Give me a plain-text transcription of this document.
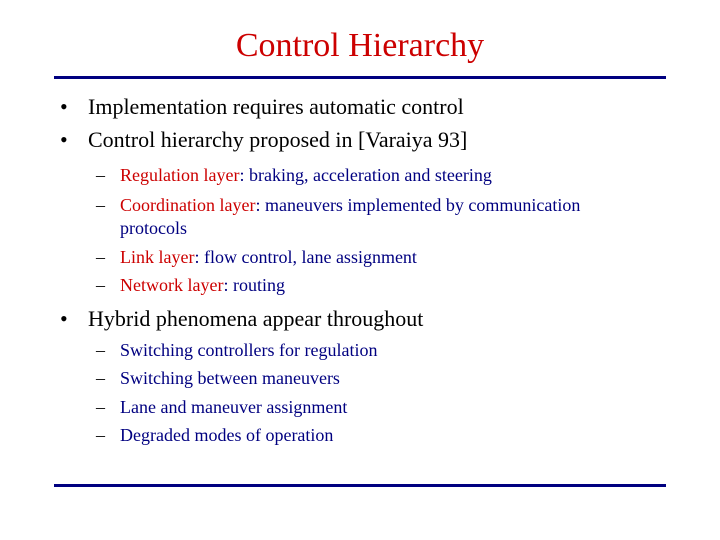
Control Hierarchy
• Implementation requires automatic control
• Control hierarchy proposed in [Varaiya 93]
– Regulation layer: braking, acceleration and steering
– Coordination layer: maneuvers implemented by communication
protocols
– Link layer: flow control, lane assignment
– Network layer: routing
• Hybrid phenomena appear throughout
– Switching controllers for regulation
– Switching between maneuvers
– Lane and maneuver assignment
– Degraded modes of operation
